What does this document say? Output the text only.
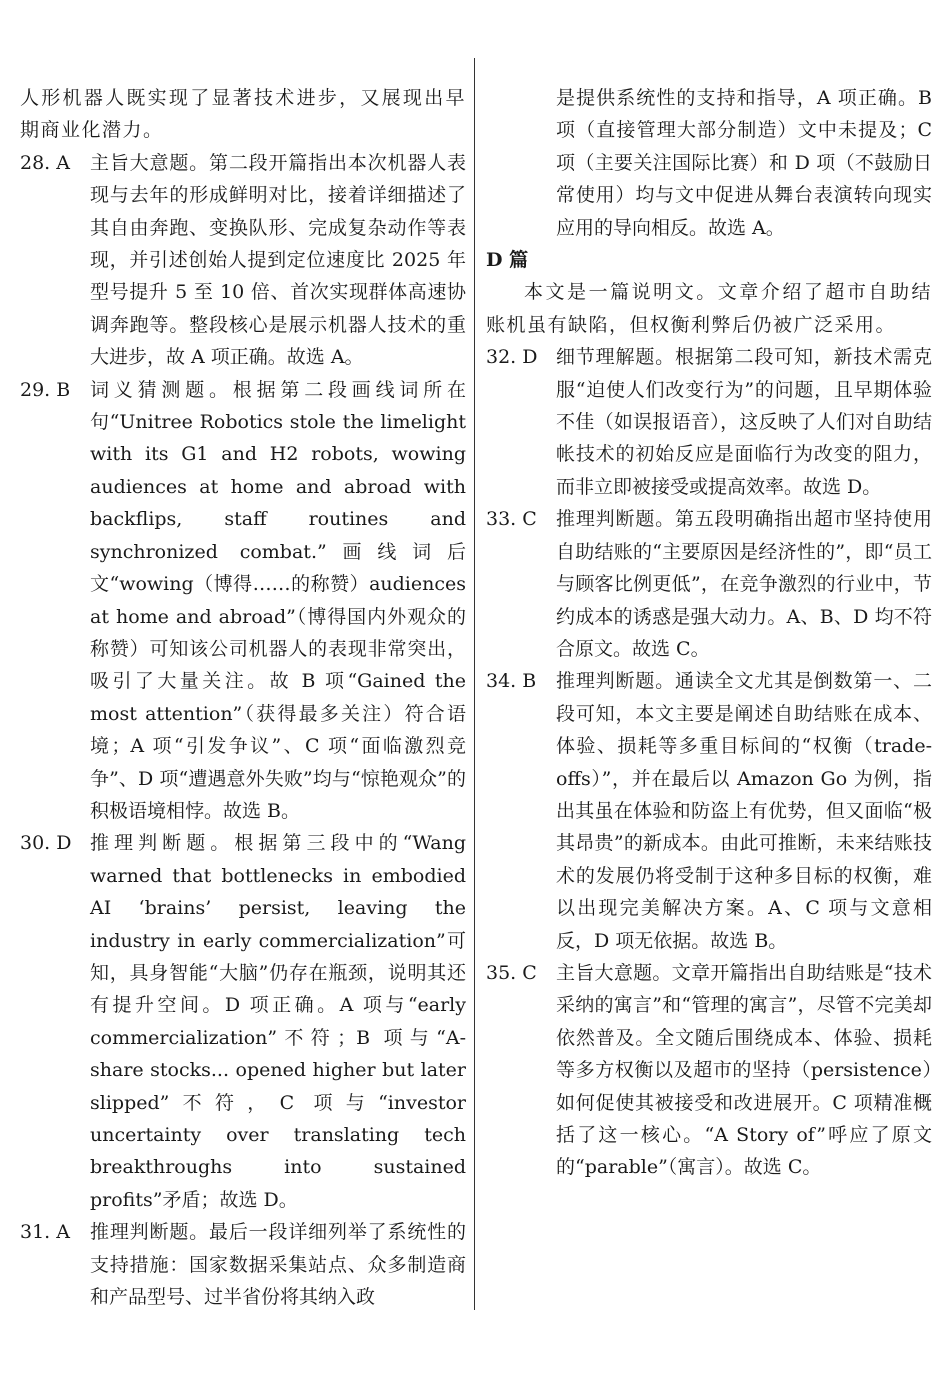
人形机器人既实现了显著技术进步，又展现出早期商业化潜力。

28. A	主旨大意题。第二段开篇指出本次机器人表现与去年的形成鲜明对比，接着详细描述了其自由奔跑、变换队形、完成复杂动作等表现，并引述创始人提到定位速度比 2025 年型号提升 5 至 10 倍、首次实现群体高速协调奔跑等。整段核心是展示机器人技术的重大进步，故 A 项正确。故选 A。
29. B	词义猜测题。根据第二段画线词所在句“Unitree Robotics stole the limelight with its G1 and H2 robots, wowing audiences at home and abroad with backflips, staff routines and synchronized combat.”画线词后文“wowing（博得……的称赞）audiences at home and abroad”（博得国内外观众的称赞）可知该公司机器人的表现非常突出，吸引了大量关注。故 B 项“Gained the most attention”（获得最多关注）符合语境；A 项“引发争议”、C 项“面临激烈竞争”、D 项“遭遇意外失败”均与“惊艳观众”的积极语境相悖。故选 B。
30. D 推理判断题。根据第三段中的“Wang warned that bottlenecks in embodied AI ‘brains’ persist, leaving the industry in early commercialization”可知，具身智能“大脑”仍存在瓶颈，说明其还有提升空间。D 项正确。A 项与“early commercialization”不符；B 项与“A-share stocks... opened higher but later slipped”不符，C 项与“investor uncertainty over translating tech breakthroughs into sustained profits”矛盾；故选 D。
31. A	推理判断题。最后一段详细列举了系统性的支持措施：国家数据采集站点、众多制造商和产品型号、过半省份将其纳入政
是提供系统性的支持和指导，A 项正确。B 项（直接管理大部分制造）文中未提及；C 项（主要关注国际比赛）和 D 项（不鼓励日常使用）均与文中促进从舞台表演转向现实应用的导向相反。故选 A。

D 篇

本文是一篇说明文。文章介绍了超市自助结账机虽有缺陷，但权衡利弊后仍被广泛采用。

32. D 细节理解题。根据第二段可知，新技术需克服“迫使人们改变行为”的问题，且早期体验不佳（如误报语音），这反映了人们对自助结帐技术的初始反应是面临行为改变的阻力，而非立即被接受或提高效率。故选 D。
33. C	推理判断题。第五段明确指出超市坚持使用自助结账的“主要原因是经济性的”，即“员工与顾客比例更低”，在竞争激烈的行业中，节约成本的诱惑是强大动力。A、B、D 均不符合原文。故选 C。
34. B	推理判断题。通读全文尤其是倒数第一、二段可知，本文主要是阐述自助结账在成本、体验、损耗等多重目标间的“权衡（trade-offs）”，并在最后以 Amazon Go 为例，指出其虽在体验和防盗上有优势，但又面临“极其昂贵”的新成本。由此可推断，未来结账技术的发展仍将受制于这种多目标的权衡，难以出现完美解决方案。A、C 项与文意相反，D 项无依据。故选 B。
35. C	主旨大意题。文章开篇指出自助结账是“技术采纳的寓言”和“管理的寓言”，尽管不完美却依然普及。全文随后围绕成本、体验、损耗等多方权衡以及超市的坚持（persistence）如何促使其被接受和改进展开。C 项精准概括了这一核心。“A Story of”呼应了原文的“parable”（寓言）。故选 C。
